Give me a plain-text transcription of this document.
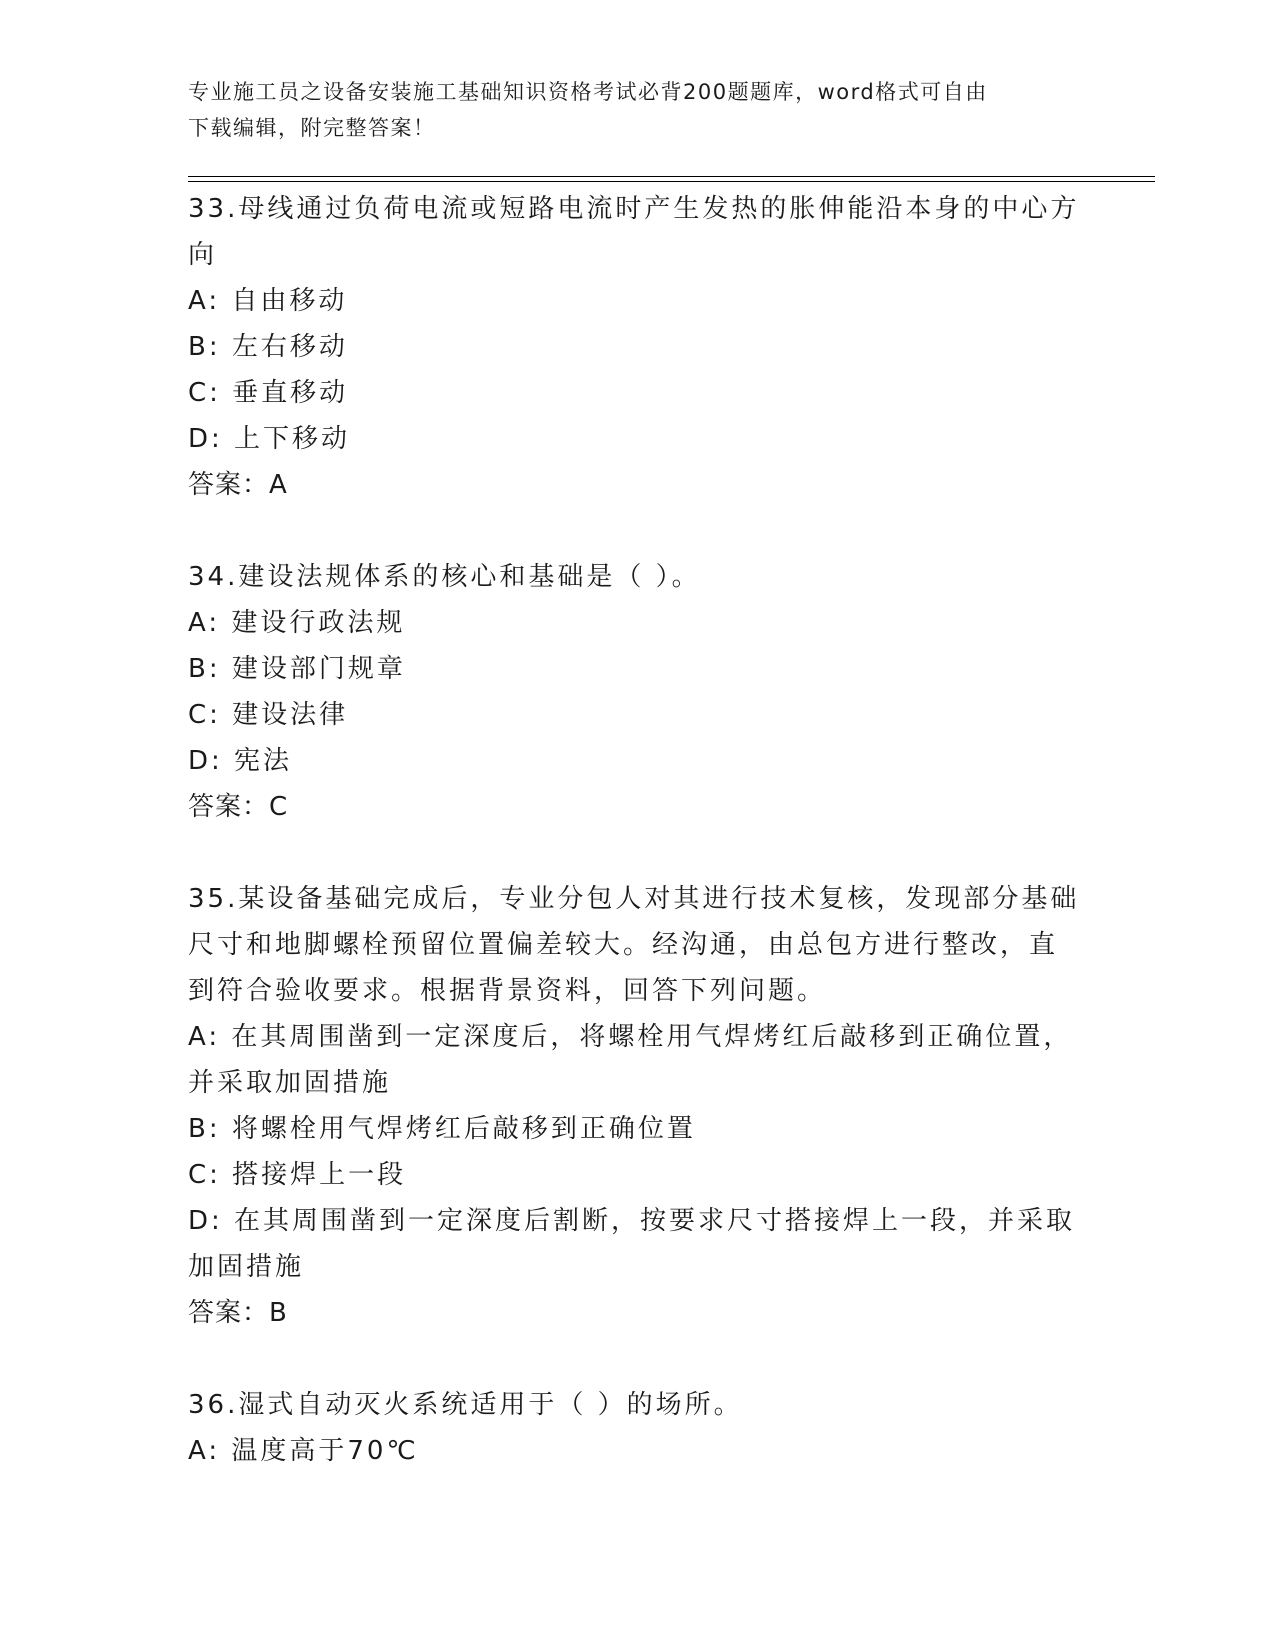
专业施工员之设备安装施工基础知识资格考试必背200题题库，word格式可自由
下载编辑，附完整答案！
33.母线通过负荷电流或短路电流时产生发热的胀伸能沿本身的中心方
向
A: 自由移动
B: 左右移动
C: 垂直移动
D: 上下移动
答案：A
34.建设法规体系的核心和基础是（ ）。
A: 建设行政法规
B: 建设部门规章
C: 建设法律
D: 宪法
答案：C
35.某设备基础完成后，专业分包人对其进行技术复核，发现部分基础
尺寸和地脚螺栓预留位置偏差较大。经沟通，由总包方进行整改，直
到符合验收要求。根据背景资料，回答下列问题。
A: 在其周围凿到一定深度后，将螺栓用气焊烤红后敲移到正确位置，
并采取加固措施
B: 将螺栓用气焊烤红后敲移到正确位置
C: 搭接焊上一段
D: 在其周围凿到一定深度后割断，按要求尺寸搭接焊上一段，并采取
加固措施
答案：B
36.湿式自动灭火系统适用于（ ）的场所。
A: 温度高于70℃
